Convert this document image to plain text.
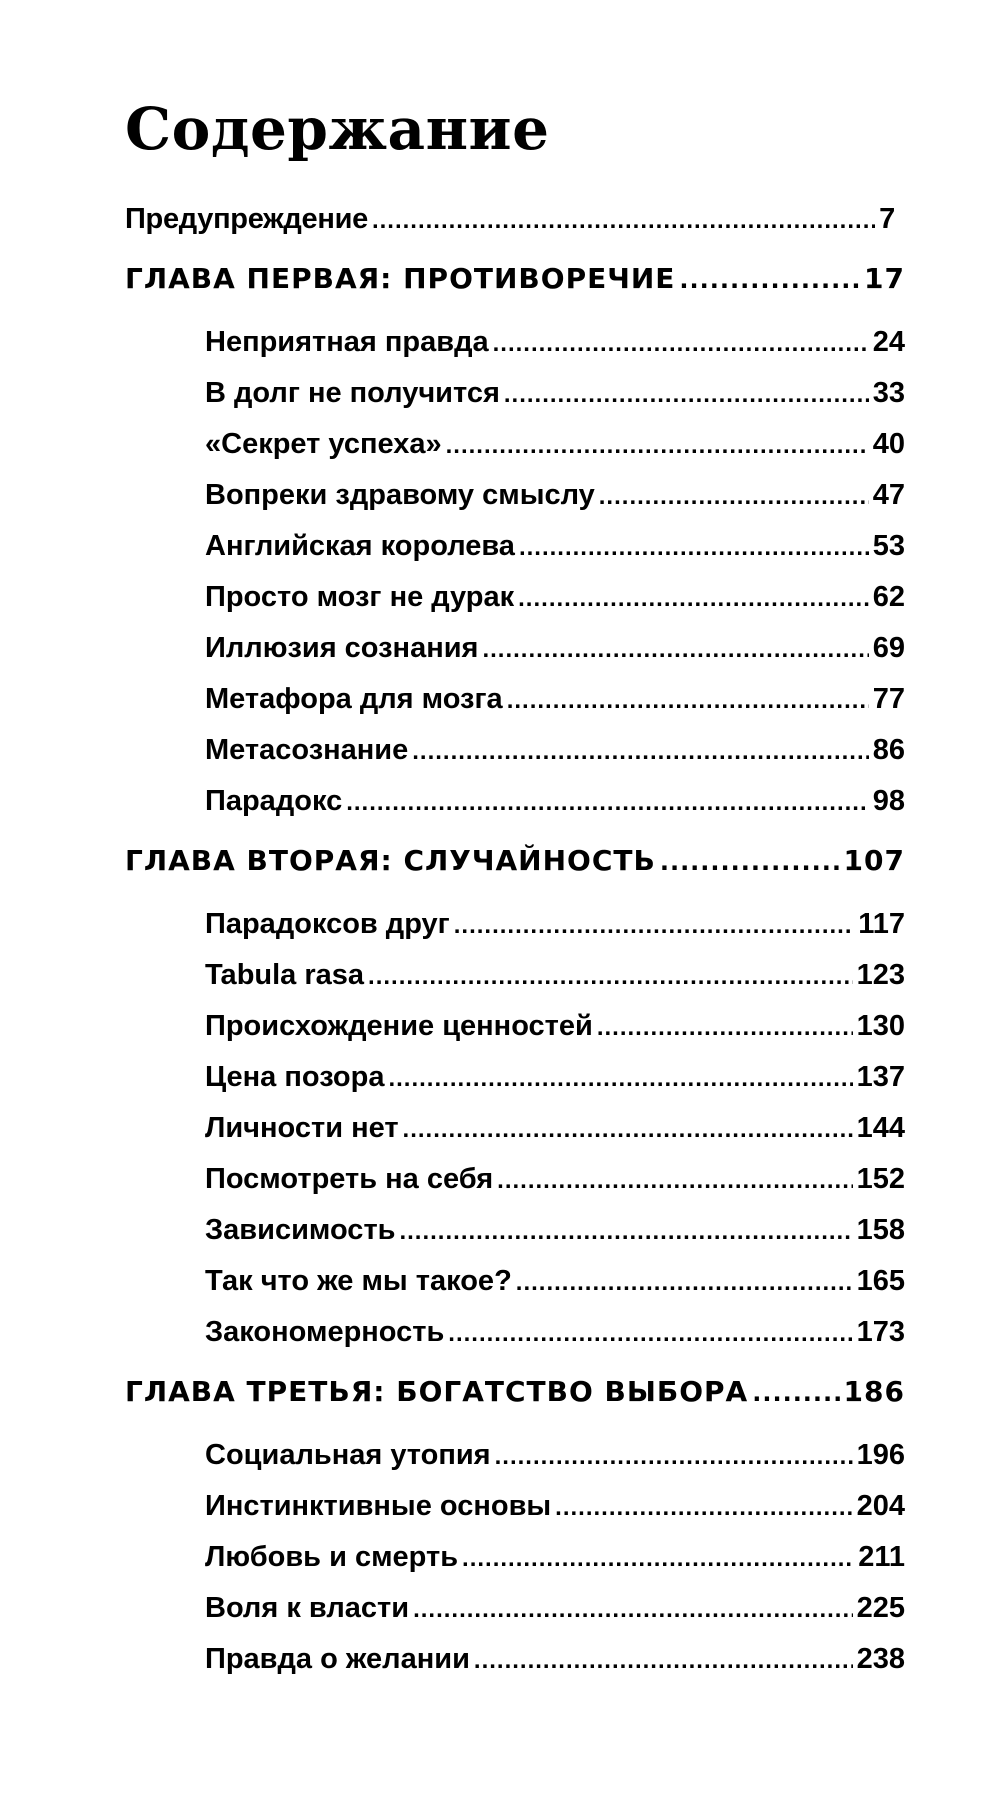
Содержание
Предупреждение .....	7
ГЛАВА ПЕРВАЯ: ПРОТИВОРЕЧИЕ .....	17
Неприятная правда .....	24
В долг не получится .....	33
«Секрет успеха» .....	40
Вопреки здравому смыслу .....	47
Английская королева .....	53
Просто мозг не дурак .....	62
Иллюзия сознания .....	69
Метафора для мозга .....	77
Метасознание .....	86
Парадокс .....	98
ГЛАВА ВТОРАЯ: СЛУЧАЙНОСТЬ .....	107
Парадоксов друг .....	117
Tabula rasa .....	123
Происхождение ценностей .....	130
Цена позора .....	137
Личности нет .....	144
Посмотреть на себя .....	152
Зависимость .....	158
Так что же мы такое? .....	165
Закономерность .....	173
ГЛАВА ТРЕТЬЯ: БОГАТСТВО ВЫБОРА .....	186
Социальная утопия .....	196
Инстинктивные основы .....	204
Любовь и смерть .....	211
Воля к власти .....	225
Правда о желании .....	238
